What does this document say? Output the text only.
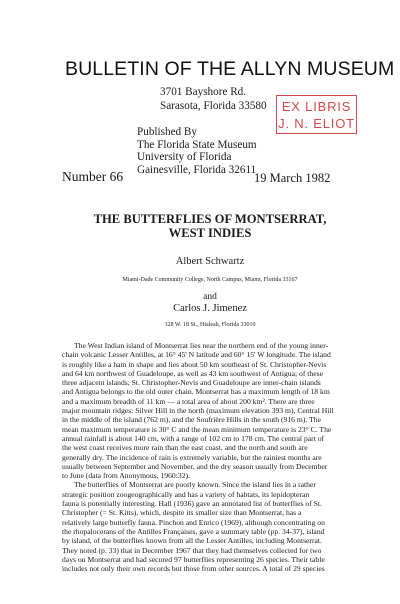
BULLETIN OF THE ALLYN MUSEUM
3701 Bayshore Rd.
Sarasota, Florida 33580	EX LIBRIS
J. N. ELIOT
Published By
The Florida State Museum
University of Florida
Gainesville, Florida 32611
Number 66	19 March 1982
THE BUTTERFLIES OF MONTSERRAT,
WEST INDIES
Albert Schwartz
Miami-Dade Community College, North Campus, Miami, Florida 33167
and
Carlos J. Jimenez
328 W. 18 St., Hialeah, Florida 33010
The West Indian island of Montserrat lies near the northern end of the young inner-
chain volcanic Lesser Antilles, at 16° 45' N latitude and 60° 15' W longitude. The island
is roughly like a ham in shape and lies about 50 km southeast of St. Christopher-Nevis
and 64 km northwest of Guadeloupe, as well as 43 km southwest of Antigua; of these
three adjacent islands, St. Christopher-Nevis and Guadeloupe are inner-chain islands
and Antigua belongs to the old outer chain. Montserrat has a maximum length of 18 km
and a maximum breadth of 11 km — a total area of about 200 km². There are three
major mountain ridges: Silver Hill in the north (maximum elevation 393 m), Central Hill
in the middle of the island (762 m), and the Soufrière Hills in the south (916 m). The
mean maximum temperature is 30° C and the mean minimum temperature is 23° C. The
annual rainfall is about 140 cm, with a range of 102 cm to 178 cm. The central part of
the west coast receives more rain than the east coast, and the north and south are
generally dry. The incidence of rain is extremely variable, but the rainiest months are
usually between September and November, and the dry season usually from December
to June (data from Anonymous, 1960:32).
The butterflies of Montserrat are poorly known. Since the island lies in a rather
strategic position zoogeographically and has a variety of habtats, its lepidopteran
fauna is potentially interesting. Hall (1936) gave an annotated list of butterflies of St.
Christopher (= St. Kitts), which, despite its smaller size than Montserrat, has a
relatively large butterfly fauna. Pinchon and Enrico (1969), although concentrating on
the rhopalocerans of the Antilles Françaises, gave a summary table (pp. 34-37), island
by island, of the butterflies known from all the Lesser Antilles, including Montserrat.
They noted (p. 33) that in December 1967 that they had themselves collected for two
days on Montserrat and had secured 97 butterflies representing 26 species. Their table
includes not only their own records but those from other sources. A total of 29 species
